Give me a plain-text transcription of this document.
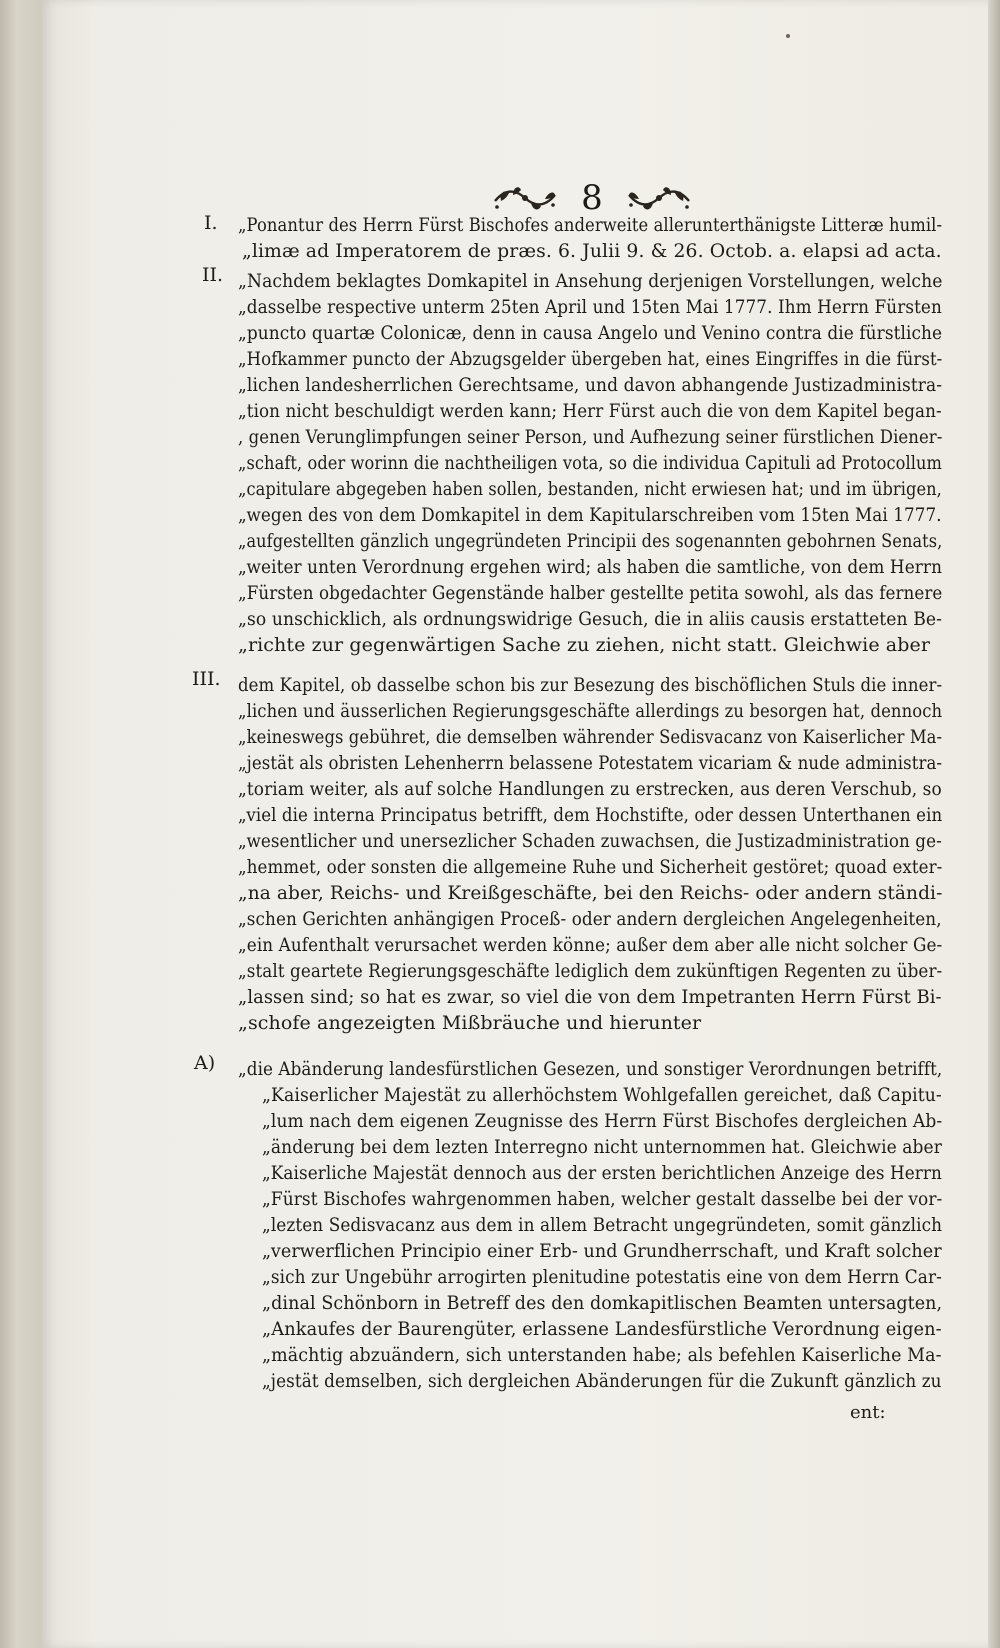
8
I. „Ponantur des Herrn Fürst Bischofes anderweite allerunterthänigste Litteræ humil-
„limæ ad Imperatorem de præs. 6. Julii 9. & 26. Octob. a. elapsi ad acta.
II. „Nachdem beklagtes Domkapitel in Ansehung derjenigen Vorstellungen, welche
„dasselbe respective unterm 25ten April und 15ten Mai 1777. Ihm Herrn Fürsten
„puncto quartæ Colonicæ, denn in causa Angelo und Venino contra die fürstliche
„Hofkammer puncto der Abzugsgelder übergeben hat, eines Eingriffes in die fürst-
„lichen landesherrlichen Gerechtsame, und davon abhangende Justizadministra-
„tion nicht beschuldigt werden kann; Herr Fürst auch die von dem Kapitel began-
, genen Verunglimpfungen seiner Person, und Aufhezung seiner fürstlichen Diener-
„schaft, oder worinn die nachtheiligen vota, so die individua Capituli ad Protocollum
„capitulare abgegeben haben sollen, bestanden, nicht erwiesen hat; und im übrigen,
„wegen des von dem Domkapitel in dem Kapitularschreiben vom 15ten Mai 1777.
„aufgestellten gänzlich ungegründeten Principii des sogenannten gebohrnen Senats,
„weiter unten Verordnung ergehen wird; als haben die samtliche, von dem Herrn
„Fürsten obgedachter Gegenstände halber gestellte petita sowohl, als das fernere
„so unschicklich, als ordnungswidrige Gesuch, die in aliis causis erstatteten Be-
„richte zur gegenwärtigen Sache zu ziehen, nicht statt. Gleichwie aber
III. dem Kapitel, ob dasselbe schon bis zur Besezung des bischöflichen Stuls die inner-
„lichen und äusserlichen Regierungsgeschäfte allerdings zu besorgen hat, dennoch
„keineswegs gebühret, die demselben währender Sedisvacanz von Kaiserlicher Ma-
„jestät als obristen Lehenherrn belassene Potestatem vicariam & nude administra-
„toriam weiter, als auf solche Handlungen zu erstrecken, aus deren Verschub, so
„viel die interna Principatus betrifft, dem Hochstifte, oder dessen Unterthanen ein
„wesentlicher und unersezlicher Schaden zuwachsen, die Justizadministration ge-
„hemmet, oder sonsten die allgemeine Ruhe und Sicherheit gestöret; quoad exter-
„na aber, Reichs- und Kreißgeschäfte, bei den Reichs- oder andern ständi-
„schen Gerichten anhängigen Proceß- oder andern dergleichen Angelegenheiten,
„ein Aufenthalt verursachet werden könne; außer dem aber alle nicht solcher Ge-
„stalt geartete Regierungsgeschäfte lediglich dem zukünftigen Regenten zu über-
„lassen sind; so hat es zwar, so viel die von dem Impetranten Herrn Fürst Bi-
„schofe angezeigten Mißbräuche und hierunter
A) „die Abänderung landesfürstlichen Gesezen, und sonstiger Verordnungen betrifft,
„Kaiserlicher Majestät zu allerhöchstem Wohlgefallen gereichet, daß Capitu-
„lum nach dem eigenen Zeugnisse des Herrn Fürst Bischofes dergleichen Ab-
„änderung bei dem lezten Interregno nicht unternommen hat. Gleichwie aber
„Kaiserliche Majestät dennoch aus der ersten berichtlichen Anzeige des Herrn
„Fürst Bischofes wahrgenommen haben, welcher gestalt dasselbe bei der vor-
„lezten Sedisvacanz aus dem in allem Betracht ungegründeten, somit gänzlich
„verwerflichen Principio einer Erb- und Grundherrschaft, und Kraft solcher
„sich zur Ungebühr arrogirten plenitudine potestatis eine von dem Herrn Car-
„dinal Schönborn in Betreff des den domkapitlischen Beamten untersagten,
„Ankaufes der Baurengüter, erlassene Landesfürstliche Verordnung eigen-
„mächtig abzuändern, sich unterstanden habe; als befehlen Kaiserliche Ma-
„jestät demselben, sich dergleichen Abänderungen für die Zukunft gänzlich zu
ent:
